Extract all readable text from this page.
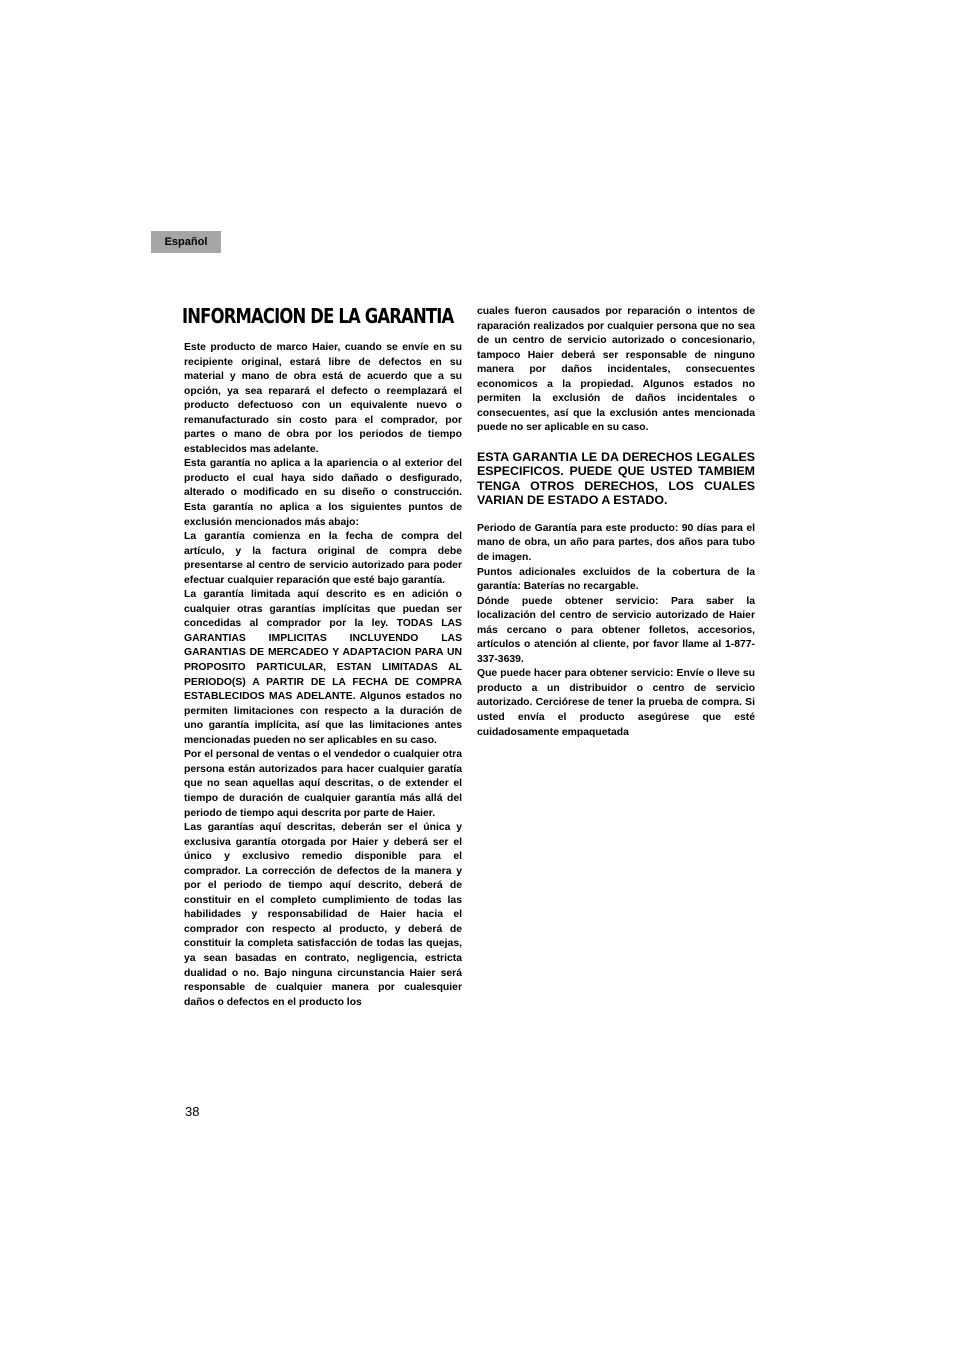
Español
INFORMACION DE LA GARANTIA

Este producto de marco Haier, cuando se envíe en su recipiente original, estará libre de defectos en su material y mano de obra está de acuerdo que a su opción, ya sea reparará el defecto o reemplazará el producto defectuoso con un equivalente nuevo o remanufacturado sin costo para el comprador, por partes o mano de obra por los periodos de tiempo establecidos mas adelante.

Esta garantía no aplica a la apariencia o al exterior del producto el cual haya sido dañado o desfigurado, alterado o modificado en su diseño o construcción. Esta garantía no aplica a los siguientes puntos de exclusión mencionados más abajo:

La garantía comienza en la fecha de compra del artículo, y la factura original de compra debe presentarse al centro de servicio autorizado para poder efectuar cualquier reparación que esté bajo garantía.

La garantía limitada aquí descrito es en adición o cualquier otras garantías implícitas que puedan ser concedidas al comprador por la ley. TODAS LAS GARANTIAS IMPLICITAS INCLUYENDO LAS GARANTIAS DE MERCADEO Y ADAPTACION PARA UN PROPOSITO PARTICULAR, ESTAN LIMITADAS AL PERIODO(S) A PARTIR DE LA FECHA DE COMPRA ESTABLECIDOS MAS ADELANTE. Algunos estados no permiten limitaciones con respecto a la duración de uno garantía implícita, así que las limitaciones antes mencionadas pueden no ser aplicables en su caso.

Por el personal de ventas o el vendedor o cualquier otra persona están autorizados para hacer cualquier garatía que no sean aquellas aquí descritas, o de extender el tiempo de duración de cualquier garantía más allá del periodo de tiempo aqui descrita por parte de Haier.

Las garantías aquí descritas, deberán ser el única y exclusiva garantía otorgada por Haier y deberá ser el único y exclusivo remedio disponible para el comprador. La corrección de defectos de la manera y por el periodo de tiempo aquí descrito, deberá de constituir en el completo cumplimiento de todas las habilidades y responsabilidad de Haier hacia el comprador con respecto al producto, y deberá de constituir la completa satisfacción de todas las quejas, ya sean basadas en contrato, negligencia, estricta dualidad o no. Bajo ninguna circunstancia Haier será responsable de cualquier manera por cualesquier daños o defectos en el producto los

cuales fueron causados por reparación o intentos de raparación realizados por cualquier persona que no sea de un centro de servicio autorizado o concesionario, tampoco Haier deberá ser responsable de ninguno manera por daños incidentales, consecuentes economicos a la propiedad. Algunos estados no permiten la exclusión de daños incidentales o consecuentes, así que la exclusión antes mencionada puede no ser aplicable en su caso.

ESTA GARANTIA LE DA DERECHOS LEGALES ESPECIFICOS. PUEDE QUE USTED TAMBIEM TENGA OTROS DERECHOS, LOS CUALES VARIAN DE ESTADO A ESTADO.

Periodo de Garantía para este producto: 90 días para el mano de obra, un año para partes, dos años para tubo de imagen.

Puntos adicionales excluidos de la cobertura de la garantía: Baterías no recargable.

Dónde puede obtener servicio: Para saber la localización del centro de servicio autorizado de Haier más cercano o para obtener folletos, accesorios, artículos o atención al cliente, por favor llame al 1-877-337-3639.

Que puede hacer para obtener servicio: Envíe o lleve su producto a un distribuidor o centro de servicio autorizado. Cerciórese de tener la prueba de compra. Si usted envía el producto asegúrese que esté cuidadosamente empaquetada

38
